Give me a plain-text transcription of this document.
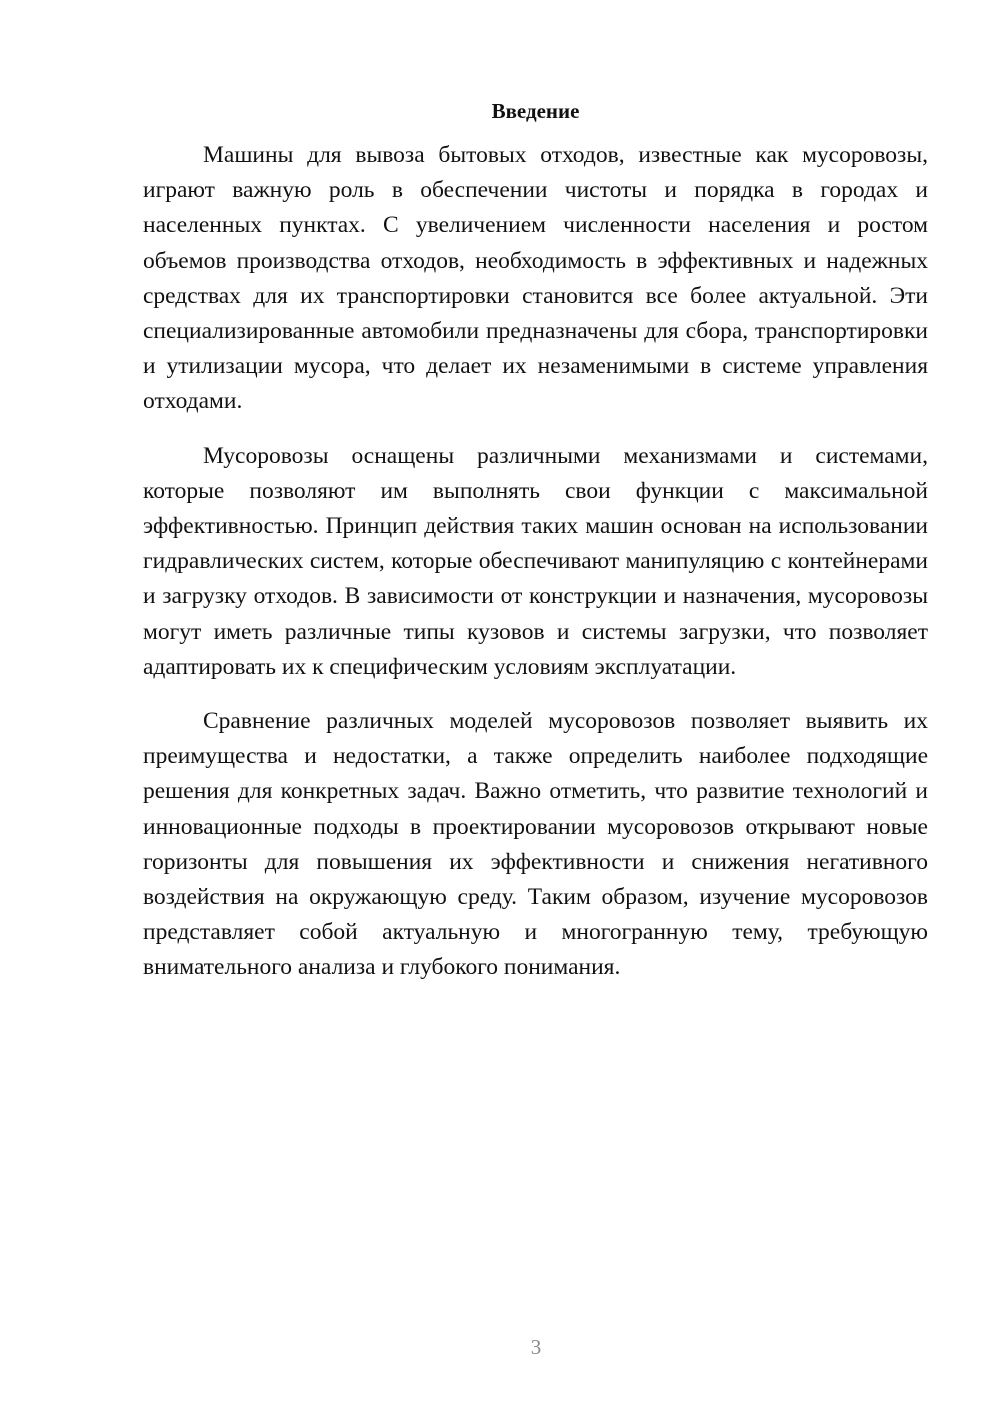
Введение

Машины для вывоза бытовых отходов, известные как мусоровозы, играют важную роль в обеспечении чистоты и порядка в городах и населенных пунктах. С увеличением численности населения и ростом объемов производства отходов, необходимость в эффективных и надежных средствах для их транспортировки становится все более актуальной. Эти специализированные автомобили предназначены для сбора, транспортировки и утилизации мусора, что делает их незаменимыми в системе управления отходами.

Мусоровозы оснащены различными механизмами и системами, которые позволяют им выполнять свои функции с максимальной эффективностью. Принцип действия таких машин основан на использовании гидравлических систем, которые обеспечивают манипуляцию с контейнерами и загрузку отходов. В зависимости от конструкции и назначения, мусоровозы могут иметь различные типы кузовов и системы загрузки, что позволяет адаптировать их к специфическим условиям эксплуатации.

Сравнение различных моделей мусоровозов позволяет выявить их преимущества и недостатки, а также определить наиболее подходящие решения для конкретных задач. Важно отметить, что развитие технологий и инновационные подходы в проектировании мусоровозов открывают новые горизонты для повышения их эффективности и снижения негативного воздействия на окружающую среду. Таким образом, изучение мусоровозов представляет собой актуальную и многогранную тему, требующую внимательного анализа и глубокого понимания.

3
